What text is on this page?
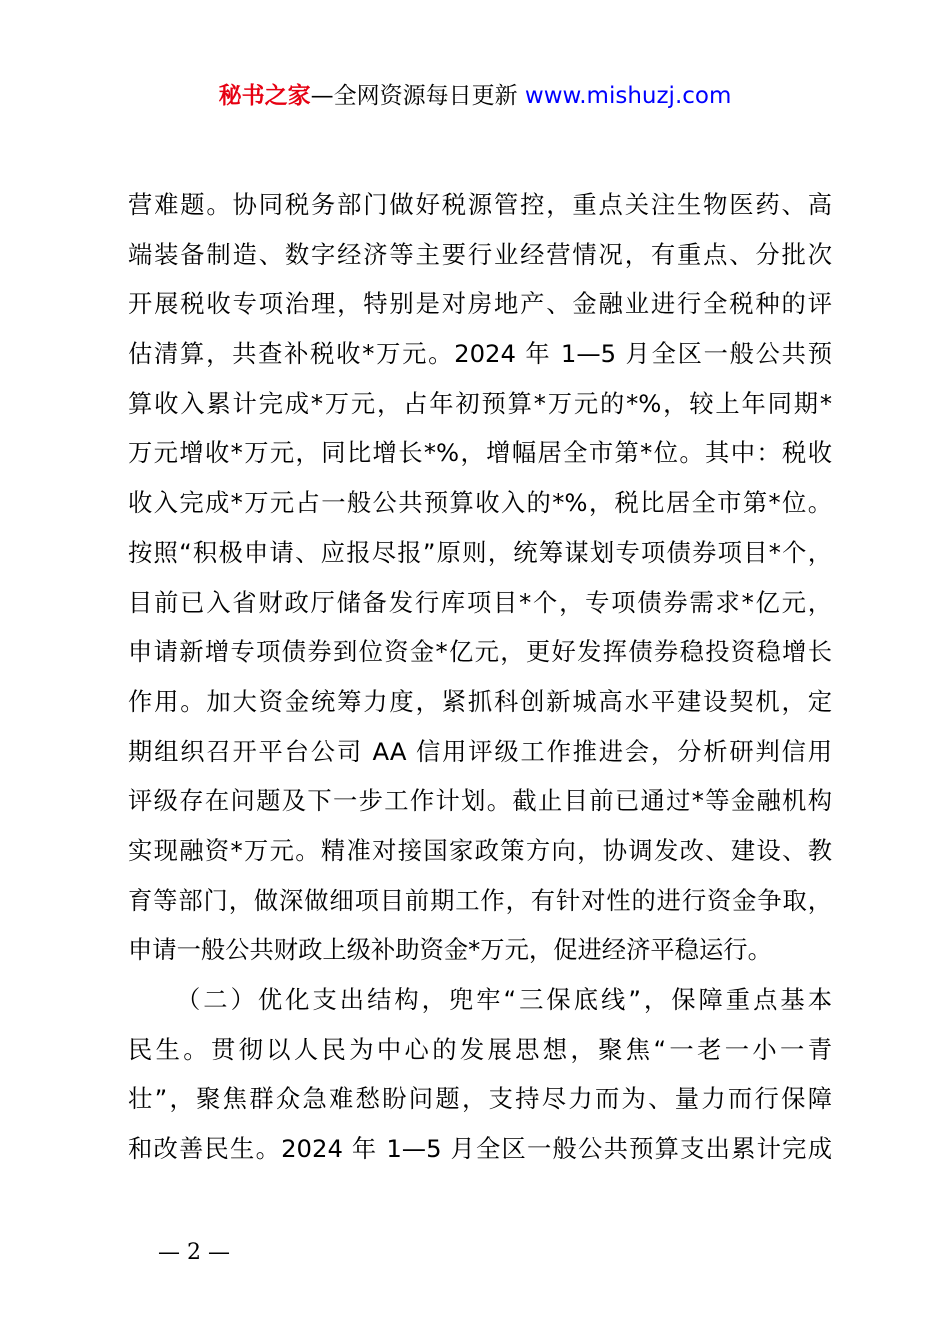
秘书之家—全网资源每日更新 www.mishuzj.com
营难题。协同税务部门做好税源管控，重点关注生物医药、高
端装备制造、数字经济等主要行业经营情况，有重点、分批次
开展税收专项治理，特别是对房地产、金融业进行全税种的评
估清算，共查补税收*万元。2024 年 1—5 月全区一般公共预
算收入累计完成*万元，占年初预算*万元的*%，较上年同期*
万元增收*万元，同比增长*%，增幅居全市第*位。其中：税收
收入完成*万元占一般公共预算收入的*%，税比居全市第*位。
按照“积极申请、应报尽报”原则，统筹谋划专项债券项目*个，
目前已入省财政厅储备发行库项目*个，专项债券需求*亿元，
申请新增专项债券到位资金*亿元，更好发挥债券稳投资稳增长
作用。加大资金统筹力度，紧抓科创新城高水平建设契机，定
期组织召开平台公司 AA 信用评级工作推进会，分析研判信用
评级存在问题及下一步工作计划。截止目前已通过*等金融机构
实现融资*万元。精准对接国家政策方向，协调发改、建设、教
育等部门，做深做细项目前期工作，有针对性的进行资金争取，
申请一般公共财政上级补助资金*万元，促进经济平稳运行。
（二）优化支出结构，兜牢“三保底线”，保障重点基本
民生。贯彻以人民为中心的发展思想，聚焦“一老一小一青
壮”，聚焦群众急难愁盼问题，支持尽力而为、量力而行保障
和改善民生。2024 年 1—5 月全区一般公共预算支出累计完成
— 2 —
